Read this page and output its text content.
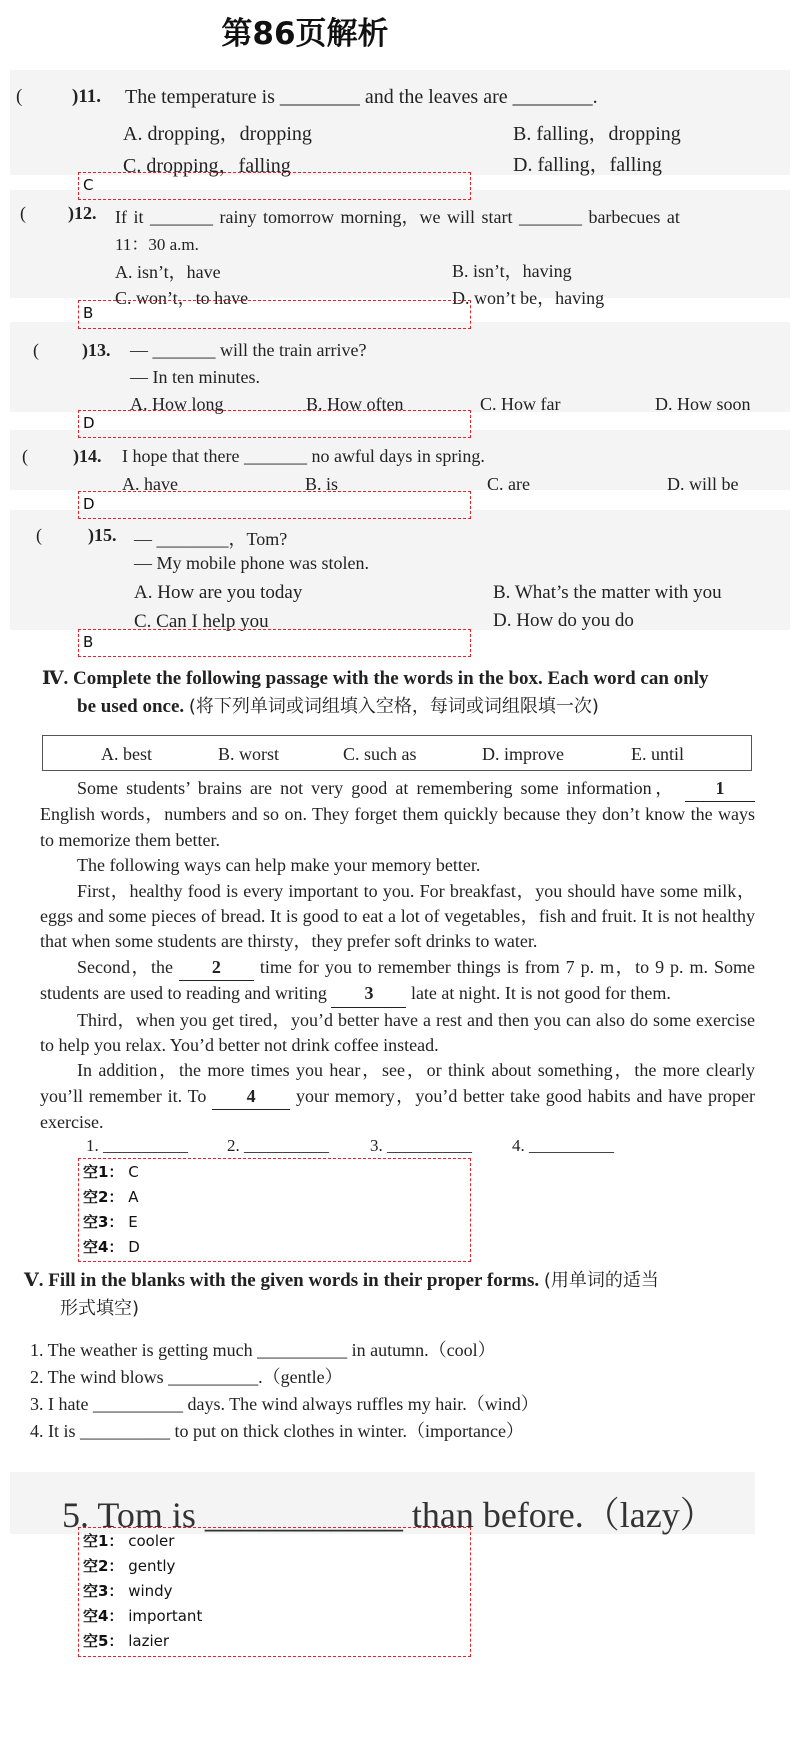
第86页解析
(	)11. The temperature is ________ and the leaves are ________.
A. dropping，dropping	B. falling，dropping
C. dropping，falling	D. falling，falling
C
( )12. If it _______ rainy tomorrow morning，we will start _______ barbecues at
11：30 a.m.
A. isn’t，have	B. isn’t，having
C. won’t，to have	D. won’t be，having
B
( )13. — _______ will the train arrive?
— In ten minutes.
A. How long	B. How often	C. How far	D. How soon
D
(	)14. I hope that there _______ no awful days in spring.
A. have	B. is	C. are	D. will be
D
(	)15. — ________，Tom?
— My mobile phone was stolen.
A. How are you today	B. What’s the matter with you
C. Can I help you	D. How do you do
B
Ⅳ. Complete the following passage with the words in the box. Each word can only
be used once. (将下列单词或词组填入空格，每词或词组限填一次)
A. best	B. worst	C. such as	D. improve	E. until

Some students’ brains are not very good at remembering some information， 1 English words，numbers and so on. They forget them quickly because they don’t know the ways to memorize them better.

The following ways can help make your memory better.

First，healthy food is every important to you. For breakfast，you should have some milk，eggs and some pieces of bread. It is good to eat a lot of vegetables，fish and fruit. It is not healthy that when some students are thirsty，they prefer soft drinks to water.

Second，the 2 time for you to remember things is from 7 p. m，to 9 p. m. Some students are used to reading and writing 3 late at night. It is not good for them.

Third，when you get tired，you’d better have a rest and then you can also do some exercise to help you relax. You’d better not drink coffee instead.

In addition，the more times you hear，see，or think about something，the more clearly you’ll remember it. To 4 your memory，you’d better take good habits and have proper exercise.

1. __________ 2. __________ 3. __________ 4. __________
空1： C
空2： A
空3： E
空4： D
Ⅴ. Fill in the blanks with the given words in their proper forms. (用单词的适当
形式填空)
1. The weather is getting much __________ in autumn.（cool）
2. The wind blows __________.（gentle）
3. I hate __________ days. The wind always ruffles my hair.（wind）
4. It is __________ to put on thick clothes in winter.（importance）
5. Tom is ___________ than before.（lazy）
空1： cooler
空2： gently
空3： windy
空4： important
空5： lazier
